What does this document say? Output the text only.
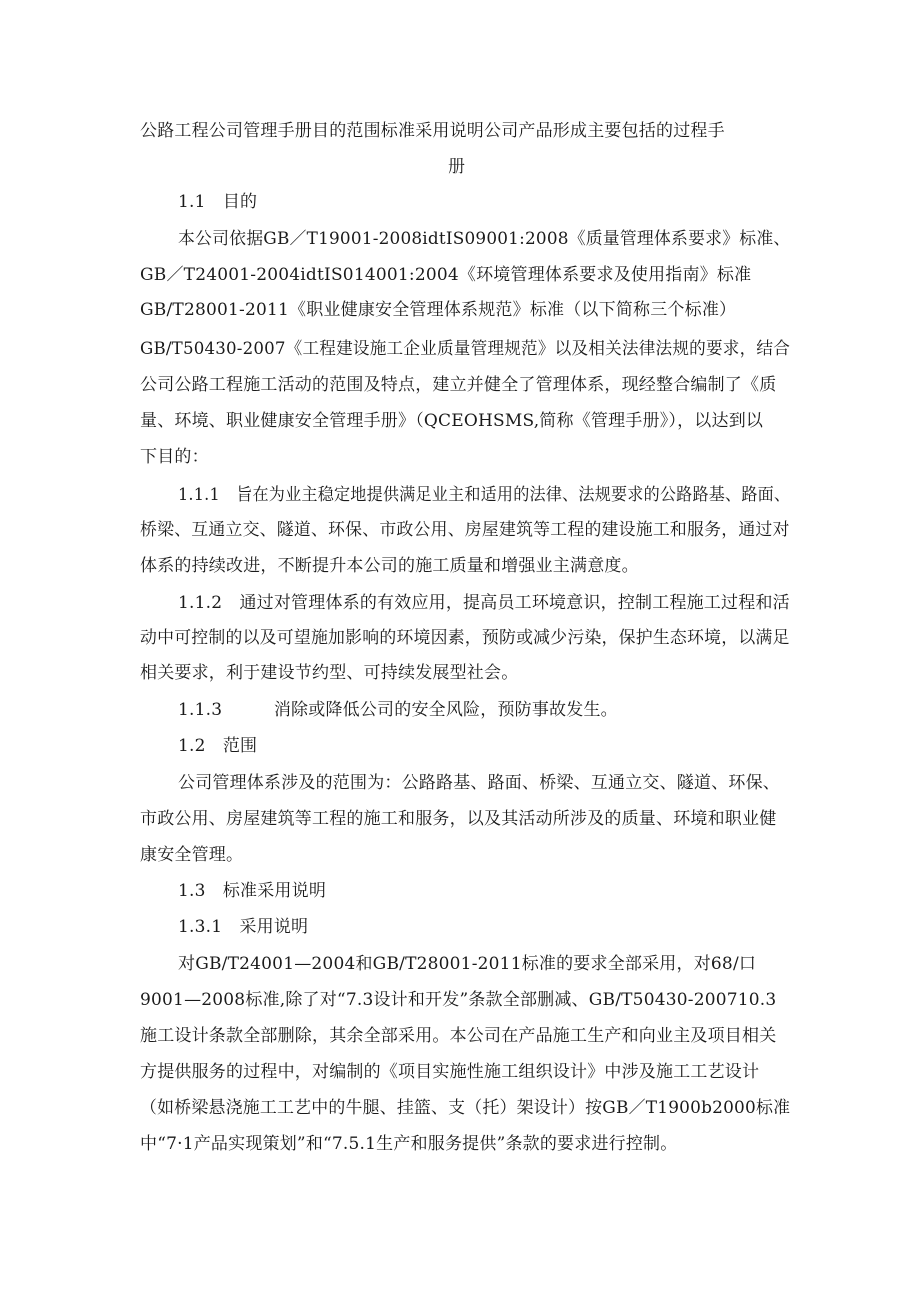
公路工程公司管理手册目的范围标准采用说明公司产品形成主要包括的过程手
册
1.1　目的
本公司依据GB／T19001-2008idtIS09001:2008《质量管理体系要求》标准、
GB／T24001-2004idtIS014001:2004《环境管理体系要求及使用指南》标准
GB/T28001-2011《职业健康安全管理体系规范》标准（以下简称三个标准）
GB/T50430-2007《工程建设施工企业质量管理规范》以及相关法律法规的要求，结合
公司公路工程施工活动的范围及特点，建立并健全了管理体系，现经整合编制了《质
量、环境、职业健康安全管理手册》（QCEOHSMS,简称《管理手册》），以达到以
下目的：
1.1.1　旨在为业主稳定地提供满足业主和适用的法律、法规要求的公路路基、路面、
桥梁、互通立交、隧道、环保、市政公用、房屋建筑等工程的建设施工和服务，通过对
体系的持续改进，不断提升本公司的施工质量和增强业主满意度。
1.1.2　通过对管理体系的有效应用，提高员工环境意识，控制工程施工过程和活
动中可控制的以及可望施加影响的环境因素，预防或减少污染，保护生态环境，以满足
相关要求，利于建设节约型、可持续发展型社会。
1.1.3　　　消除或降低公司的安全风险，预防事故发生。
1.2　范围
公司管理体系涉及的范围为：公路路基、路面、桥梁、互通立交、隧道、环保、
市政公用、房屋建筑等工程的施工和服务，以及其活动所涉及的质量、环境和职业健
康安全管理。
1.3　标准采用说明
1.3.1　采用说明
对GB/T24001—2004和GB/T28001-2011标准的要求全部采用，对68/口
9001—2008标准,除了对“7.3设计和开发”条款全部删减、GB/T50430-200710.3
施工设计条款全部删除，其余全部采用。本公司在产品施工生产和向业主及项目相关
方提供服务的过程中，对编制的《项目实施性施工组织设计》中涉及施工工艺设计
（如桥梁悬浇施工工艺中的牛腿、挂篮、支（托）架设计）按GB／T1900b2000标准
中“7·1产品实现策划”和“7.5.1生产和服务提供”条款的要求进行控制。
